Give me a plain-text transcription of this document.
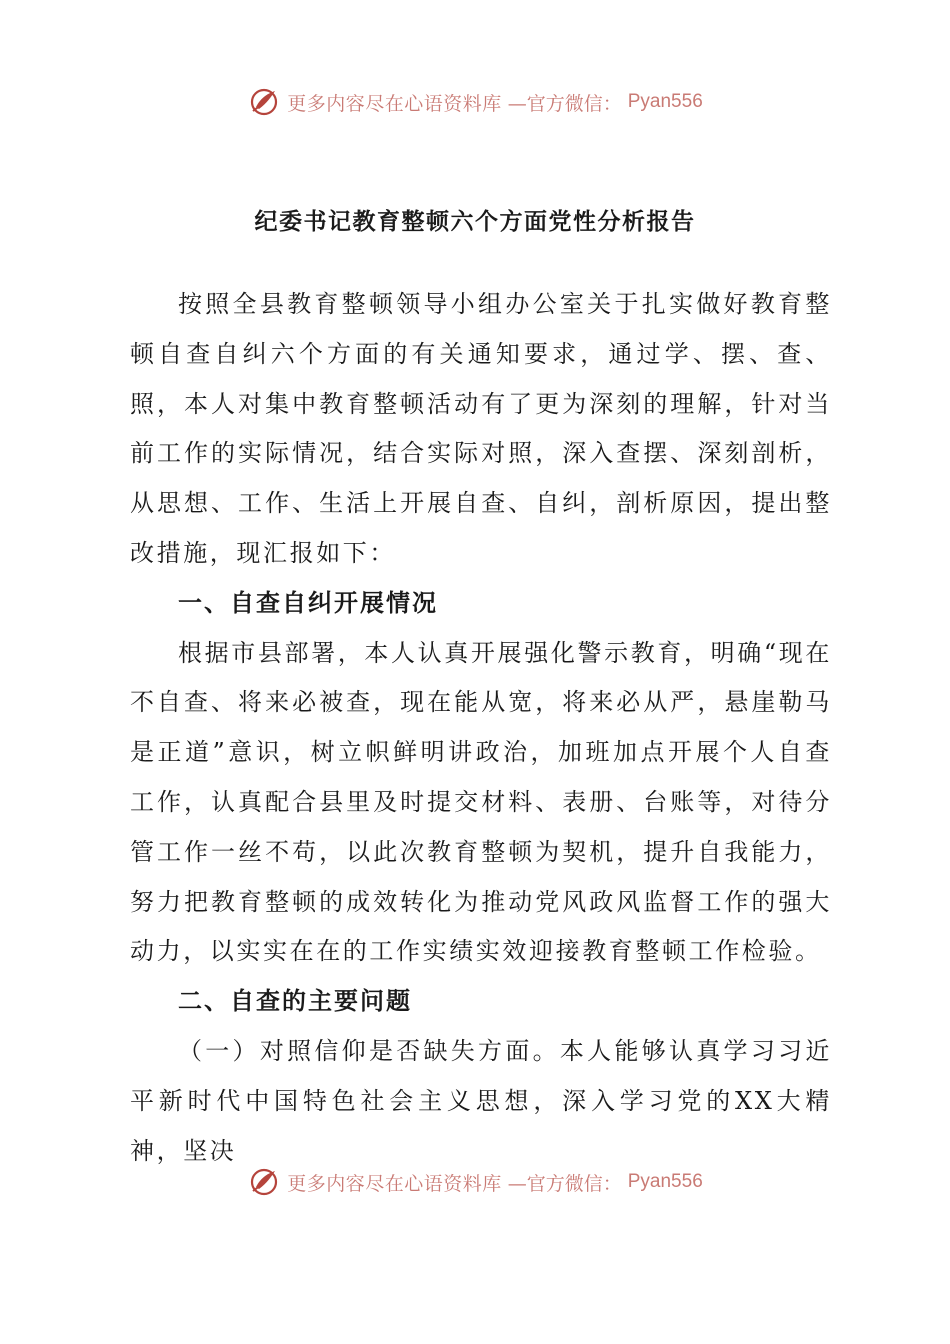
更多内容尽在心语资料库 —官方微信： Pyan556
纪委书记教育整顿六个方面党性分析报告

按照全县教育整顿领导小组办公室关于扎实做好教育整顿自查自纠六个方面的有关通知要求，通过学、摆、查、照，本人对集中教育整顿活动有了更为深刻的理解，针对当前工作的实际情况，结合实际对照，深入查摆、深刻剖析，从思想、工作、生活上开展自查、自纠，剖析原因，提出整改措施，现汇报如下：

一、自查自纠开展情况

根据市县部署，本人认真开展强化警示教育，明确“现在不自查、将来必被查，现在能从宽，将来必从严，悬崖勒马是正道”意识，树立帜鲜明讲政治，加班加点开展个人自查工作，认真配合县里及时提交材料、表册、台账等，对待分管工作一丝不苟，以此次教育整顿为契机，提升自我能力，努力把教育整顿的成效转化为推动党风政风监督工作的强大动力，以实实在在的工作实绩实效迎接教育整顿工作检验。

二、自查的主要问题

（一）对照信仰是否缺失方面。本人能够认真学习习近平新时代中国特色社会主义思想，深入学习党的XX大精神，坚决

更多内容尽在心语资料库 —官方微信： Pyan556
